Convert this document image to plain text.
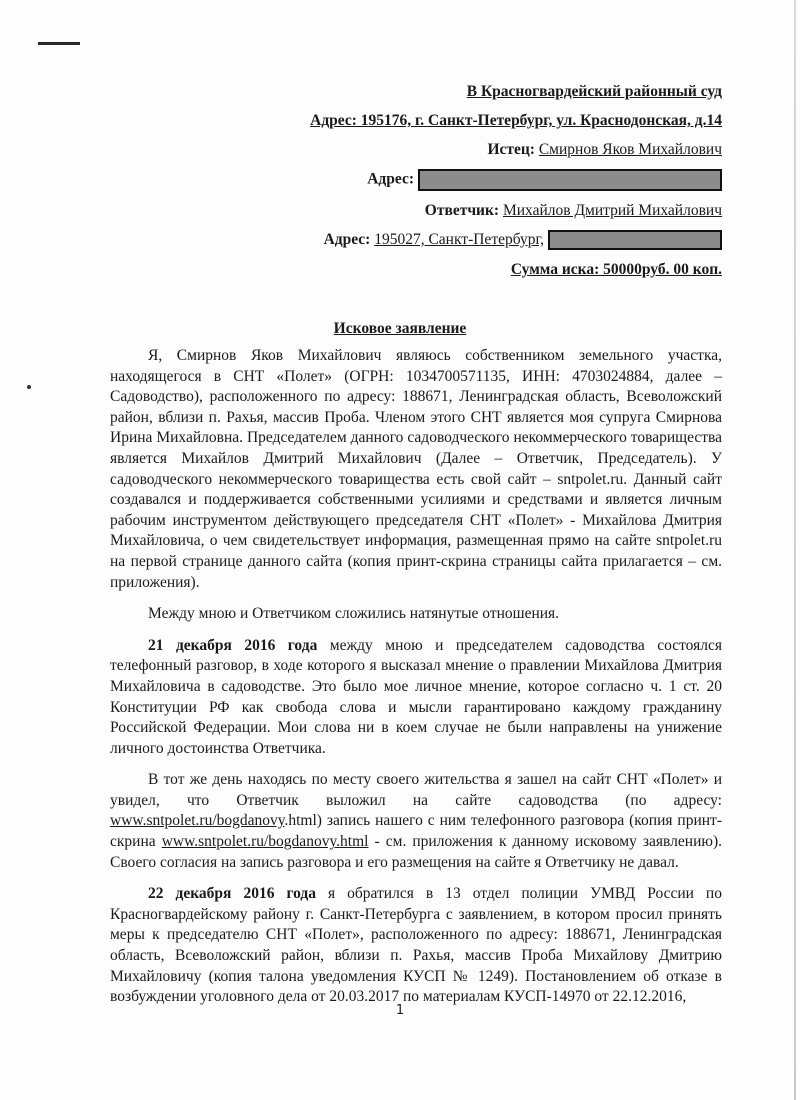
В Красногвардейский районный суд
Адрес: 195176, г. Санкт-Петербург, ул. Краснодонская, д.14
Истец: Смирнов Яков Михайлович
Адрес:
Ответчик: Михайлов Дмитрий Михайлович
Адрес: 195027, Санкт-Петербург,
Сумма иска: 50000руб. 00 коп.
Исковое заявление

Я, Смирнов Яков Михайлович являюсь собственником земельного участка, находящегося в СНТ «Полет» (ОГРН: 1034700571135, ИНН: 4703024884, далее – Садоводство), расположенного по адресу: 188671, Ленинградская область, Всеволожский район, вблизи п. Рахья, массив Проба. Членом этого СНТ является моя супруга Смирнова Ирина Михайловна. Председателем данного садоводческого некоммерческого товарищества является Михайлов Дмитрий Михайлович (Далее – Ответчик, Председатель). У садоводческого некоммерческого товарищества есть свой сайт – sntpolet.ru. Данный сайт создавался и поддерживается собственными усилиями и средствами и является личным рабочим инструментом действующего председателя СНТ «Полет» - Михайлова Дмитрия Михайловича, о чем свидетельствует информация, размещенная прямо на сайте sntpolet.ru на первой странице данного сайта (копия принт-скрина страницы сайта прилагается – см. приложения).

Между мною и Ответчиком сложились натянутые отношения.

21 декабря 2016 года между мною и председателем садоводства состоялся телефонный разговор, в ходе которого я высказал мнение о правлении Михайлова Дмитрия Михайловича в садоводстве. Это было мое личное мнение, которое согласно ч. 1 ст. 20 Конституции РФ как свобода слова и мысли гарантировано каждому гражданину Российской Федерации. Мои слова ни в коем случае не были направлены на унижение личного достоинства Ответчика.

В тот же день находясь по месту своего жительства я зашел на сайт СНТ «Полет» и увидел, что Ответчик выложил на сайте садоводства (по адресу: www.sntpolet.ru/bogdanovy.html) запись нашего с ним телефонного разговора (копия принт-скрина www.sntpolet.ru/bogdanovy.html - см. приложения к данному исковому заявлению). Своего согласия на запись разговора и его размещения на сайте я Ответчику не давал.

22 декабря 2016 года я обратился в 13 отдел полиции УМВД России по Красногвардейскому району г. Санкт-Петербурга с заявлением, в котором просил принять меры к председателю СНТ «Полет», расположенного по адресу: 188671, Ленинградская область, Всеволожский район, вблизи п. Рахья, массив Проба Михайлову Дмитрию Михайловичу (копия талона уведомления КУСП № 1249). Постановлением об отказе в возбуждении уголовного дела от 20.03.2017 по материалам КУСП-14970 от 22.12.2016,

1
